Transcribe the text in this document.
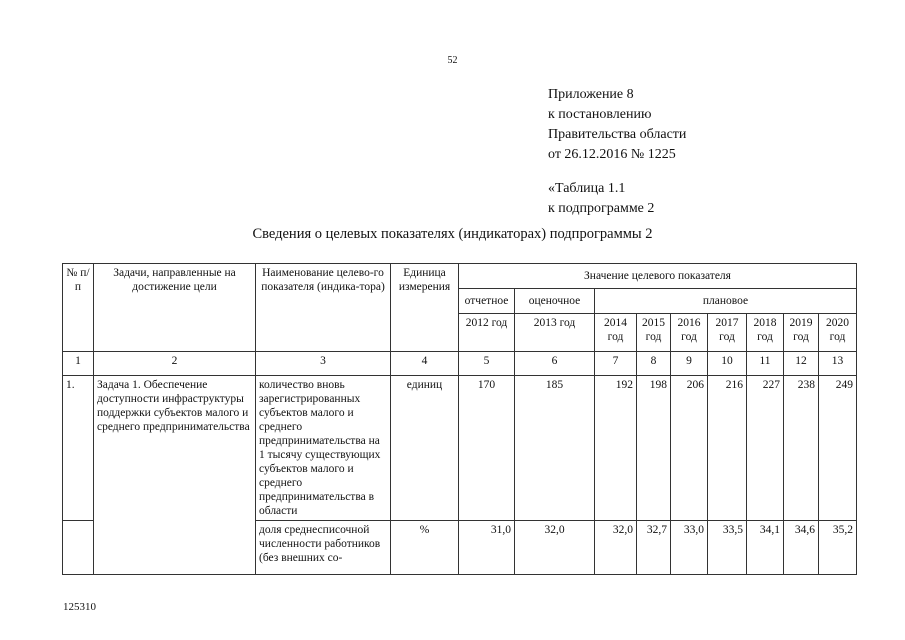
52
Приложение 8
к постановлению
Правительства области
от 26.12.2016 № 1225
«Таблица 1.1
к подпрограмме 2
Сведения о целевых показателях (индикаторах) подпрограммы 2
№ п/п	Задачи, направленные на достижение цели	Наименование целево-го показателя (индика-тора)	Единица измерения	Значение целевого показателя								
				отчетное	оценочное	плановое						
				2012 год	2013 год	2014 год	2015 год	2016 год	2017 год	2018 год	2019 год	2020 год
1	2	3	4	5	6	7	8	9	10	11	12	13
1.	Задача 1. Обеспечение доступности инфраструктуры поддержки субъектов малого и среднего предпринимательства	количество вновь зарегистрированных субъектов малого и среднего предпринимательства на 1 тысячу существующих субъектов малого и среднего предпринимательства в области	единиц	170	185	192	198	206	216	227	238	249
		доля среднесписочной численности работников (без внешних со-	%	31,0	32,0	32,0	32,7	33,0	33,5	34,1	34,6	35,2
125310
